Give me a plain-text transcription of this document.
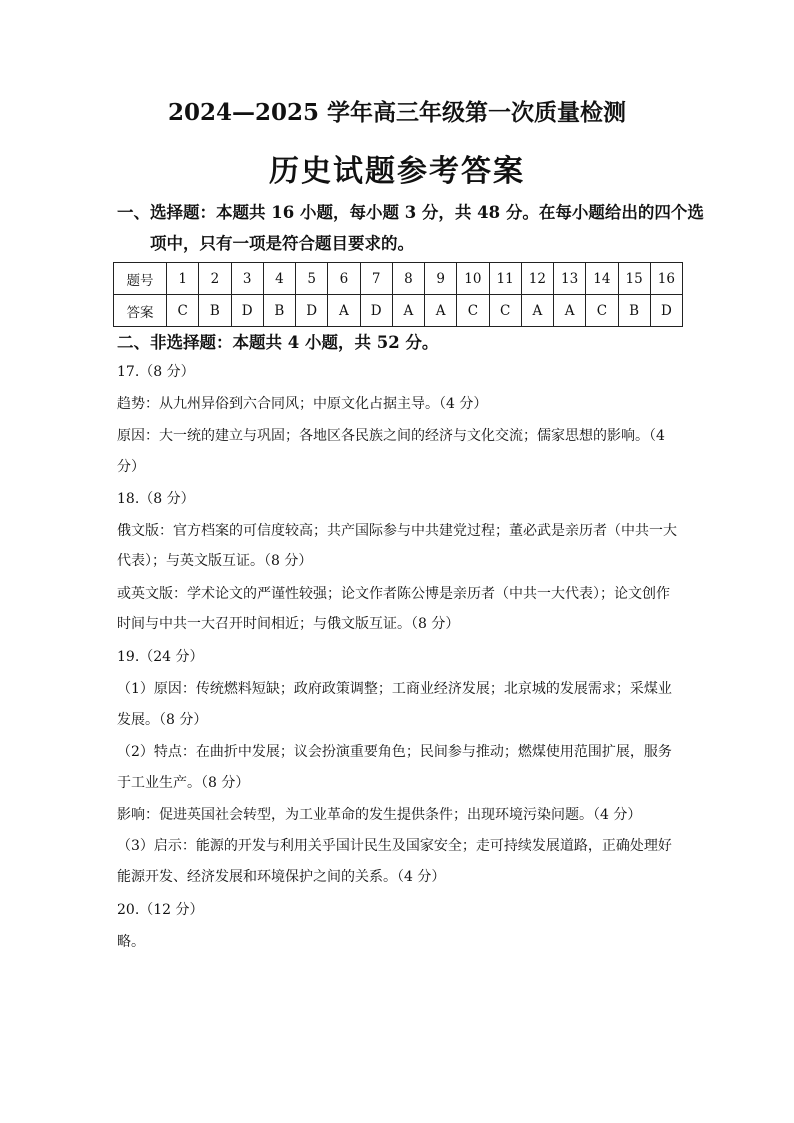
2024—2025 学年高三年级第一次质量检测
历史试题参考答案
一、选择题：本题共 16 小题，每小题 3 分，共 48 分。在每小题给出的四个选
项中，只有一项是符合题目要求的。
题号	1	2	3	4	5	6	7	8	9	10	11	12	13	14	15	16
答案	C	B	D	B	D	A	D	A	A	C	C	A	A	C	B	D
二、非选择题：本题共 4 小题，共 52 分。
17.（8 分）
趋势：从九州异俗到六合同风；中原文化占据主导。（4 分）
原因：大一统的建立与巩固；各地区各民族之间的经济与文化交流；儒家思想的影响。（4
分）
18.（8 分）
俄文版：官方档案的可信度较高；共产国际参与中共建党过程；董必武是亲历者（中共一大
代表）；与英文版互证。（8 分）
或英文版：学术论文的严谨性较强；论文作者陈公博是亲历者（中共一大代表）；论文创作
时间与中共一大召开时间相近；与俄文版互证。（8 分）
19.（24 分）
（1）原因：传统燃料短缺；政府政策调整；工商业经济发展；北京城的发展需求；采煤业
发展。（8 分）
（2）特点：在曲折中发展；议会扮演重要角色；民间参与推动；燃煤使用范围扩展，服务
于工业生产。（8 分）
影响：促进英国社会转型，为工业革命的发生提供条件；出现环境污染问题。（4 分）
（3）启示：能源的开发与利用关乎国计民生及国家安全；走可持续发展道路，正确处理好
能源开发、经济发展和环境保护之间的关系。（4 分）
20.（12 分）
略。
